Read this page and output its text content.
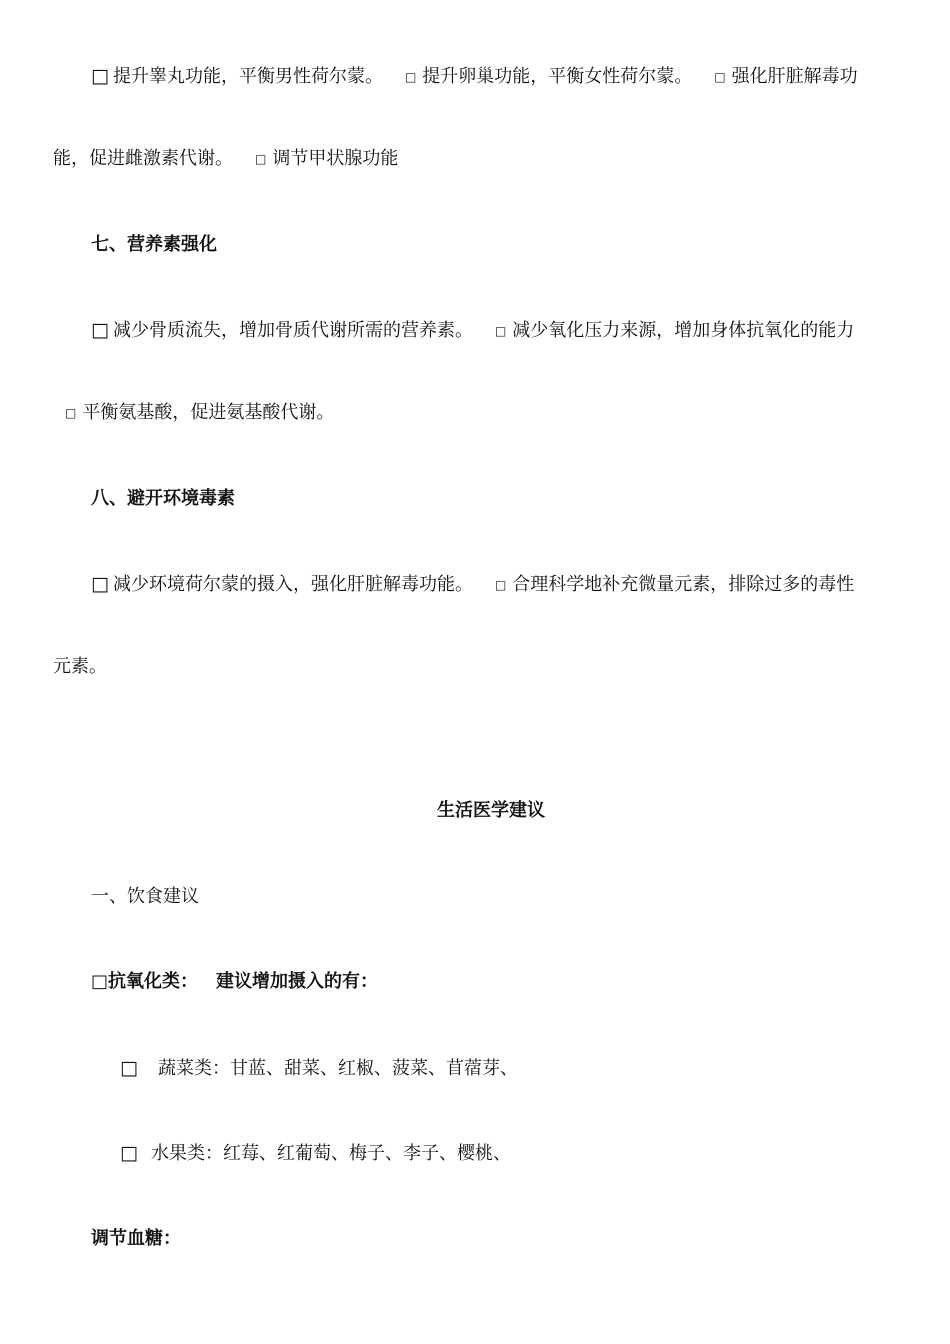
□ 提升睾丸功能，平衡男性荷尔蒙。 □ 提升卵巢功能，平衡女性荷尔蒙。 □ 强化肝脏解毒功
能，促进雌激素代谢。 □ 调节甲状腺功能
七、营养素强化
□ 减少骨质流失，增加骨质代谢所需的营养素。 □ 减少氧化压力来源，增加身体抗氧化的能力
□ 平衡氨基酸，促进氨基酸代谢。
八、避开环境毒素
□ 减少环境荷尔蒙的摄入，强化肝脏解毒功能。 □ 合理科学地补充微量元素，排除过多的毒性
元素。
生活医学建议
一、饮食建议
□抗氧化类： 建议增加摄入的有：
□ 蔬菜类：甘蓝、甜菜、红椒、菠菜、苜蓿芽、
□ 水果类：红莓、红葡萄、梅子、李子、樱桃、
调节血糖：
